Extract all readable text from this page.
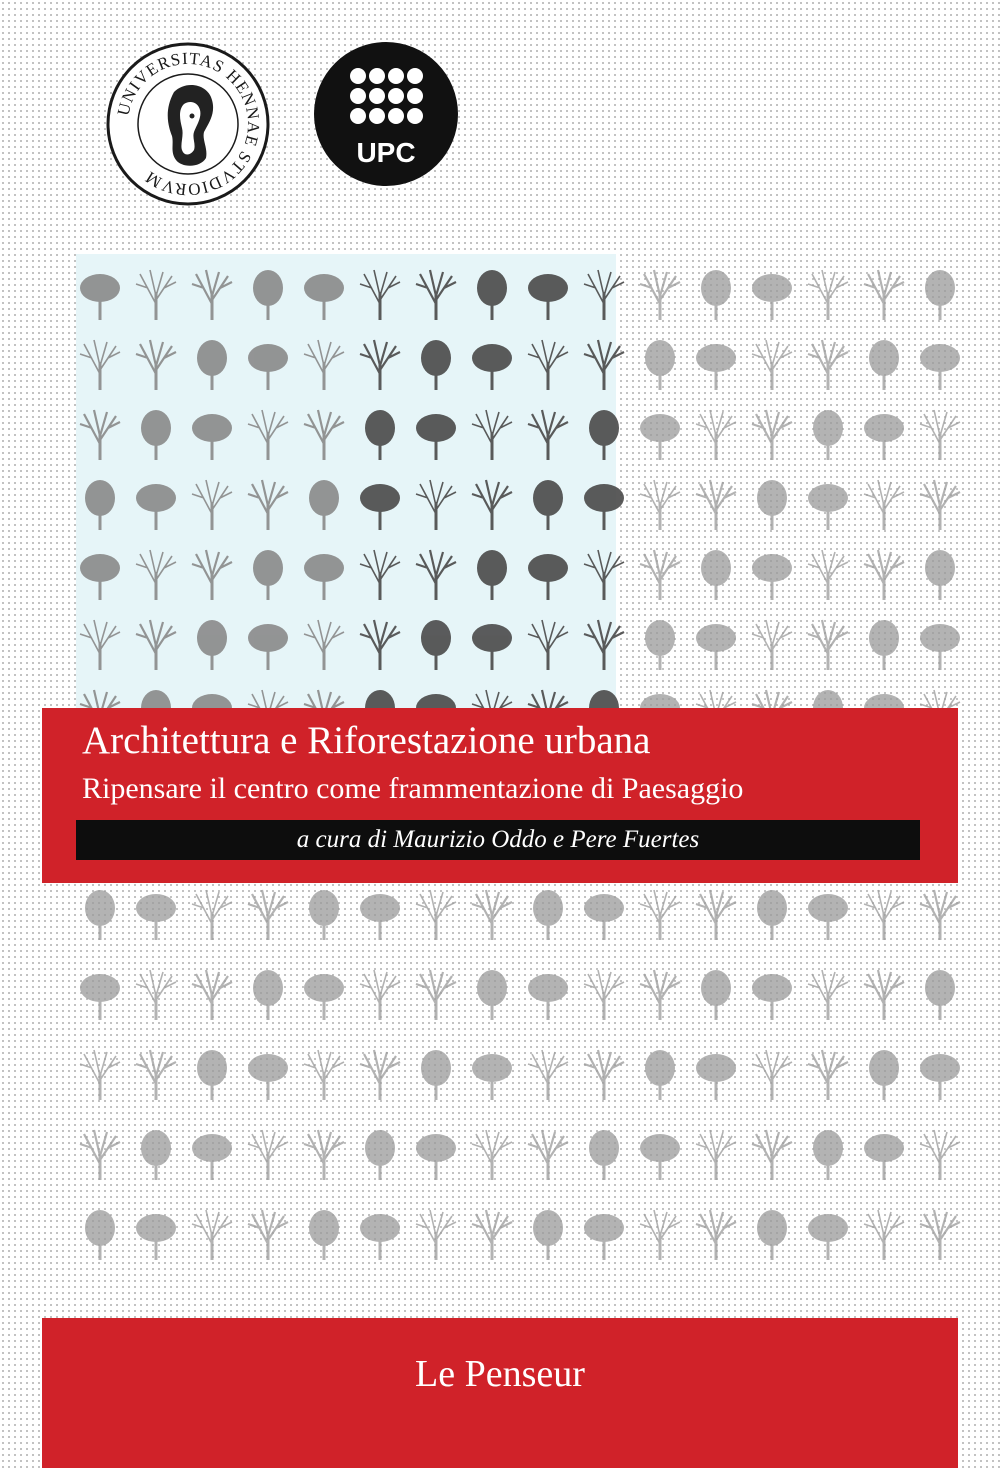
UNIVERSITAS HENNAE STVDIORVM
UPC
Architettura e Riforestazione urbana
Ripensare il centro come frammentazione di Paesaggio
a cura di Maurizio Oddo e Pere Fuertes
Le Penseur
